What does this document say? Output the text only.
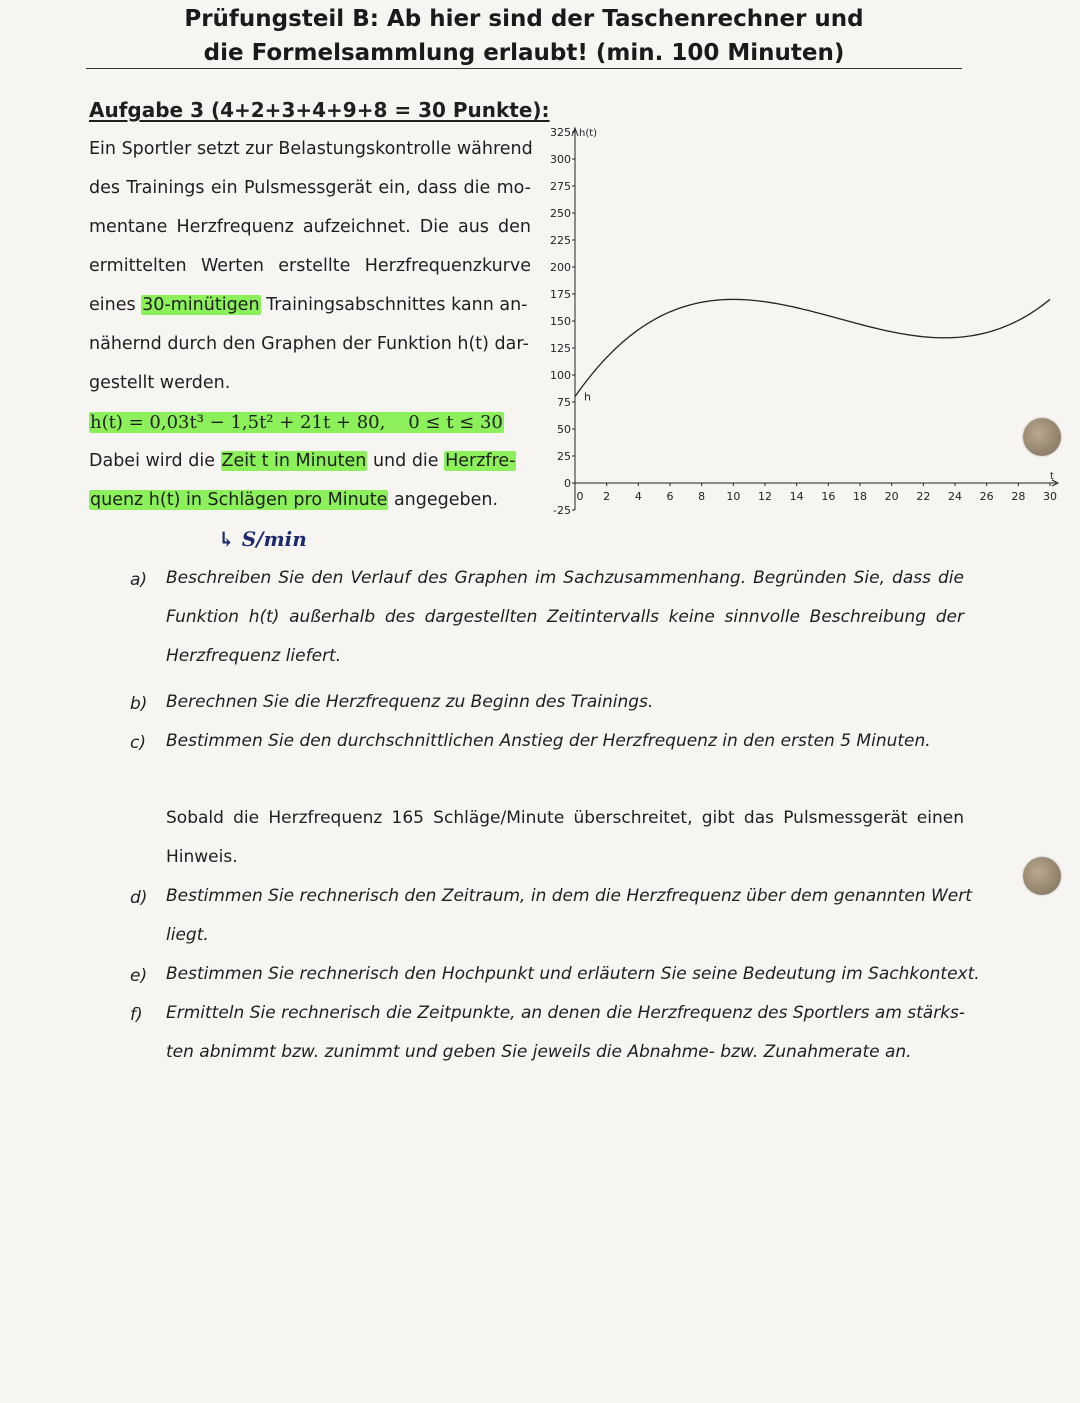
Prüfungsteil B: Ab hier sind der Taschenrechner und
die Formelsammlung erlaubt! (min. 100 Minuten)
Aufgabe 3 (4+2+3+4+9+8 = 30 Punkte):
Ein Sportler setzt zur Belastungskontrolle während
des Trainings ein Pulsmessgerät ein, dass die mo-
mentane Herzfrequenz aufzeichnet. Die aus den
ermittelten Werten erstellte Herzfrequenzkurve
eines 30-minütigen Trainingsabschnittes kann an-
nähernd durch den Graphen der Funktion h(t) dar-
gestellt werden.
h(t) = 0,03t³ − 1,5t² + 21t + 80, 0 ≤ t ≤ 30
Dabei wird die Zeit t in Minuten und die Herzfre-
quenz h(t) in Schlägen pro Minute angegeben.
↳ S/min
325
300
275
250
225
200
175
150
125
100
75
50
25
0
-25
0 2 4 6 8 10 12 14 16 18 20 22 24 26 28 30
h(t)
t
h
a)	Beschreiben Sie den Verlauf des Graphen im Sachzusammenhang. Begründen Sie, dass die
Funktion h(t) außerhalb des dargestellten Zeitintervalls keine sinnvolle Beschreibung der
Herzfrequenz liefert.
b)	Berechnen Sie die Herzfrequenz zu Beginn des Trainings.
c)	Bestimmen Sie den durchschnittlichen Anstieg der Herzfrequenz in den ersten 5 Minuten.
Sobald die Herzfrequenz 165 Schläge/Minute überschreitet, gibt das Pulsmessgerät einen
Hinweis.
d)	Bestimmen Sie rechnerisch den Zeitraum, in dem die Herzfrequenz über dem genannten Wert
liegt.
e)	Bestimmen Sie rechnerisch den Hochpunkt und erläutern Sie seine Bedeutung im Sachkontext.
f)	Ermitteln Sie rechnerisch die Zeitpunkte, an denen die Herzfrequenz des Sportlers am stärks-
ten abnimmt bzw. zunimmt und geben Sie jeweils die Abnahme- bzw. Zunahmerate an.
